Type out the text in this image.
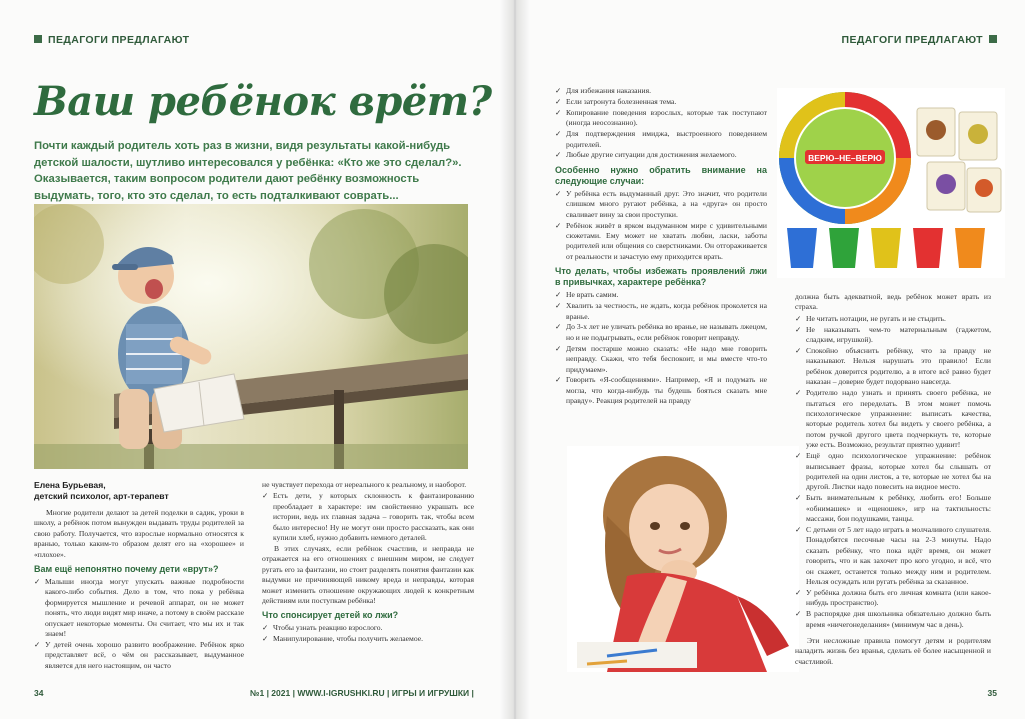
ПЕДАГОГИ ПРЕДЛАГАЮТ
Ваш ребёнок врёт?
Почти каждый родитель хоть раз в жизни, видя результаты какой-нибудь детской шалости, шутливо интересовался у ребёнка: «Кто же это сделал?». Оказывается, таким вопросом родители дают ребёнку возможность выдумать, того, кто это сделал, то есть подталкивают соврать...
Елена Бурьевая,
детский психолог, арт-терапевт

Многие родители делают за детей поделки в садик, уроки в школу, а ребёнок потом вынужден выдавать труды родителей за свою работу. Получается, что взрослые нормально относятся к вранью, только каким-то образом делят его на «хорошее» и «плохое».

Вам ещё непонятно почему дети «врут»?
✓ Малыши иногда могут упускать важные подробности какого-либо события. Дело в том, что пока у ребёнка формируется мышление и речевой аппарат, он не может понять, что люди видят мир иначе, а потому в своём рассказе опускает некоторые моменты. Он считает, что мы их и так знаем!
✓ У детей очень хорошо развито воображение. Ребёнок ярко представляет всё, о чём он рассказывает, выдуманное является для него настоящим, он часто

не чувствует перехода от нереального к реальному, и наоборот.

✓ Есть дети, у которых склонность к фантазированию преобладает в характере: им свойственно украшать все истории, ведь их главная задача – говорить так, чтобы всем было интересно! Ну не могут они просто рассказать, как они купили хлеб, нужно добавить немного деталей.

В этих случаях, если ребёнок счастлив, и неправда не отражается на его отношениях с внешним миром, не следует ругать его за фантазии, но стоит разделять понятия фантазии как выдумки не причиняющей никому вреда и неправды, которая может изменить отношение окружающих людей к конкретным действиям или поступкам ребёнка!

Что спонсирует детей ко лжи?
✓ Чтобы узнать реакцию взрослого.
✓ Манипулирование, чтобы получить желаемое.
34	№1 | 2021 | WWW.I-IGRUSHKI.RU | ИГРЫ И ИГРУШКИ |
ПЕДАГОГИ ПРЕДЛАГАЮТ
ВЕРЮ–НЕ–ВЕРЮ
✓ Для избежания наказания.
✓ Если затронута болезненная тема.
✓ Копирование поведения взрослых, которые так поступают (иногда неосознанно).
✓ Для подтверждения имиджа, выстроенного поведением родителей.
✓ Любые другие ситуации для достижения желаемого.
Особенно нужно обратить внимание на следующие случаи:
✓ У ребёнка есть выдуманный друг. Это значит, что родители слишком много ругают ребёнка, а на «друга» он просто сваливает вину за свои проступки.
✓ Ребёнок живёт в ярком выдуманном мире с удивительными сюжетами. Ему может не хватать любви, ласки, заботы родителей или общения со сверстниками. Он отгораживается от реальности и зачастую ему приходится врать.
Что делать, чтобы избежать проявлений лжи в привычках, характере ребёнка?
✓ Не врать самим.
✓ Хвалить за честность, не ждать, когда ребёнок проколется на вранье.
✓ До 3-х лет не уличать ребёнка во вранье, не называть лжецом, но и не подыгрывать, если ребёнок говорит неправду.
✓ Детям постарше можно сказать: «Не надо мне говорить неправду. Скажи, что тебя беспокоит, и мы вместе что-то придумаем».
✓ Говорить «Я-сообщениями». Например, «Я и подумать не могла, что когда-нибудь ты будешь бояться сказать мне правду». Реакция родителей на правду

должна быть адекватной, ведь ребёнок может врать из страха.

✓ Не читать нотации, не ругать и не стыдить.
✓ Не наказывать чем-то материальным (гаджетом, сладким, игрушкой).
✓ Спокойно объяснить ребёнку, что за правду не наказывают. Нельзя нарушать это правило! Если ребёнок доверится родителю, а в итоге всё равно будет наказан – доверие будет подорвано навсегда.
✓ Родителю надо узнать и принять своего ребёнка, не пытаться его переделать. В этом может помочь психологическое упражнение: выписать качества, которые родитель хотел бы видеть у своего ребёнка, а потом ручкой другого цвета подчеркнуть те, которые уже есть. Возможно, результат приятно удивит!
✓ Ещё одно психологическое упражнение: ребёнок выписывает фразы, которые хотел бы слышать от родителей на один листок, а те, которые не хотел бы на другой. Листки надо повесить на видное место.
✓ Быть внимательным к ребёнку, любить его! Больше «обнимашек» и «щеношек», игр на тактильность: массажи, бои подушками, танцы.
✓ С детьми от 5 лет надо играть в молчаливого слушателя. Понадобятся песочные часы на 2-3 минуты. Надо сказать ребёнку, что пока идёт время, он может говорить, что и как захочет про кого угодно, и всё, что он скажет, останется только между ним и родителем. Нельзя осуждать или ругать ребёнка за сказанное.
✓ У ребёнка должна быть его личная комната (или какое-нибудь пространство).
✓ В распорядке дня школьника обязательно должно быть время «ничегонеделания» (минимум час в день).

Эти несложные правила помогут детям и родителям наладить жизнь без вранья, сделать её более насыщенной и счастливой.

35
